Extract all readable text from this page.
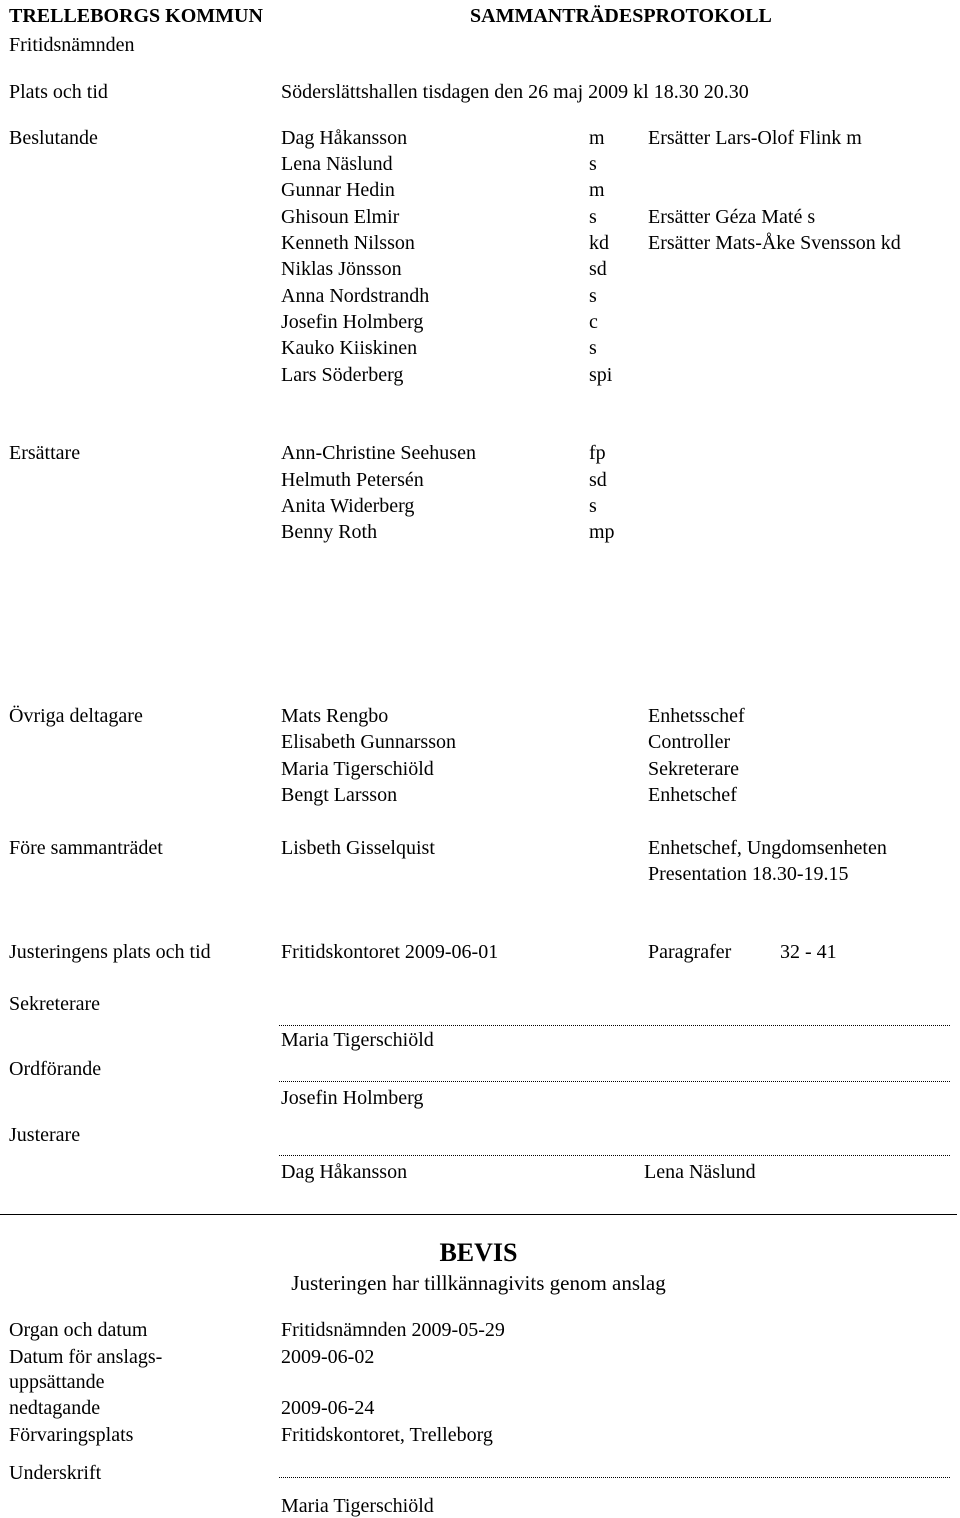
TRELLEBORGS KOMMUN	SAMMANTRÄDESPROTOKOLL
Fritidsnämnden
Plats och tid	Söderslättshallen tisdagen den 26 maj 2009 kl 18.30 20.30
Beslutande	Dag Håkansson	m Ersätter Lars-Olof Flink m
Lena Näslund	s
Gunnar Hedin	m
Ghisoun Elmir	s	Ersätter Géza Maté s
Kenneth Nilsson	kd Ersätter Mats-Åke Svensson kd
Niklas Jönsson	sd
Anna Nordstrandh	s
Josefin Holmberg	c
Kauko Kiiskinen	s
Lars Söderberg	spi
Ersättare	Ann-Christine Seehusen	fp
Helmuth Petersén	sd
Anita Widerberg	s
Benny Roth	mp
Övriga deltagare	Mats Rengbo	Enhetsschef
Elisabeth Gunnarsson	Controller
Maria Tigerschiöld	Sekreterare
Bengt Larsson	Enhetschef
Före sammanträdet	Lisbeth Gisselquist	Enhetschef, Ungdomsenheten
Presentation 18.30-19.15
Justeringens plats och tid	Fritidskontoret 2009-06-01	Paragrafer 32 - 41
Sekreterare
Maria Tigerschiöld
Ordförande
Josefin Holmberg
Justerare
Dag Håkansson	Lena Näslund
BEVIS
Justeringen har tillkännagivits genom anslag
Organ och datum	Fritidsnämnden 2009-05-29
Datum för anslags-	2009-06-02
uppsättande
nedtagande	2009-06-24
Förvaringsplats	Fritidskontoret, Trelleborg
Underskrift
Maria Tigerschiöld
